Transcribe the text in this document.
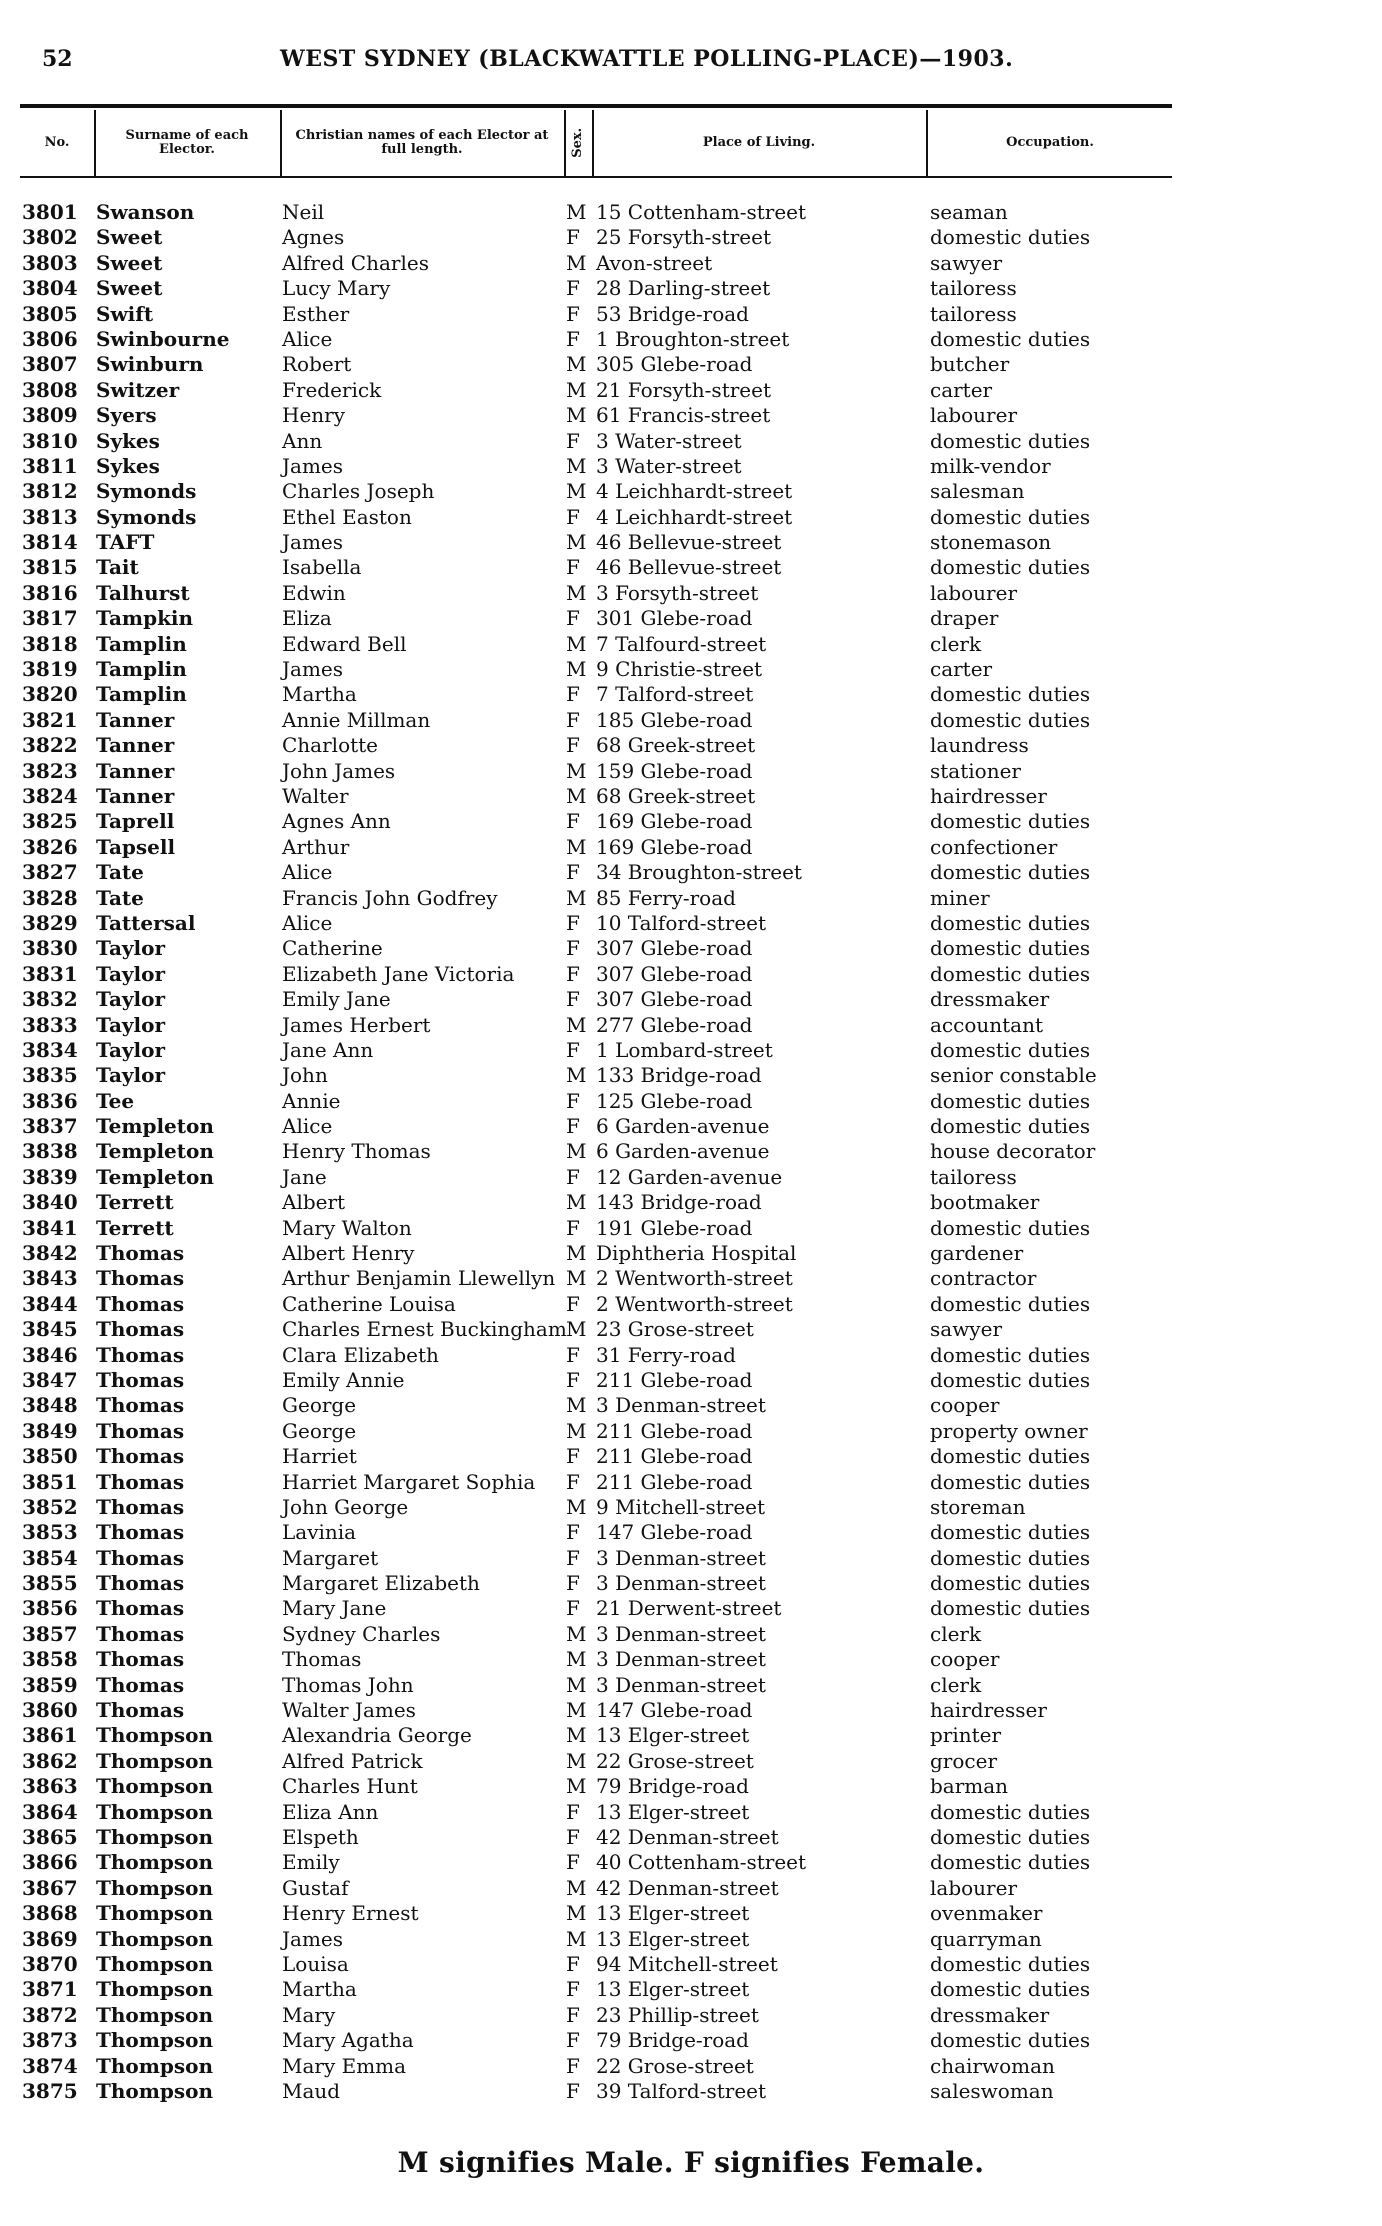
52	WEST SYDNEY (BLACKWATTLE POLLING-PLACE)—1903.
No.	Surname of each Elector.
Christian names of each Elector at full length.	Sex.	Place of Living.	Occupation.
3801 Swanson	Neil	M 15 Cottenham-street	seaman
3802 Sweet	Agnes	F 25 Forsyth-street	domestic duties
3803 Sweet	Alfred Charles	M Avon-street	sawyer
3804 Sweet	Lucy Mary	F 28 Darling-street	tailoress
3805 Swift	Esther	F 53 Bridge-road	tailoress
3806 Swinbourne	Alice	F 1 Broughton-street	domestic duties
3807 Swinburn	Robert	M 305 Glebe-road	butcher
3808 Switzer	Frederick	M 21 Forsyth-street	carter
3809 Syers	Henry	M 61 Francis-street	labourer
3810 Sykes	Ann	F 3 Water-street	domestic duties
3811 Sykes	James	M 3 Water-street	milk-vendor
3812 Symonds	Charles Joseph	M 4 Leichhardt-street	salesman
3813 Symonds	Ethel Easton	F 4 Leichhardt-street	domestic duties
3814 TAFT	James	M 46 Bellevue-street	stonemason
3815 Tait	Isabella	F 46 Bellevue-street	domestic duties
3816 Talhurst	Edwin	M 3 Forsyth-street	labourer
3817 Tampkin	Eliza	F 301 Glebe-road	draper
3818 Tamplin	Edward Bell	M 7 Talfourd-street	clerk
3819 Tamplin	James	M 9 Christie-street	carter
3820 Tamplin	Martha	F 7 Talford-street	domestic duties
3821 Tanner	Annie Millman	F 185 Glebe-road	domestic duties
3822 Tanner	Charlotte	F 68 Greek-street	laundress
3823 Tanner	John James	M 159 Glebe-road	stationer
3824 Tanner	Walter	M 68 Greek-street	hairdresser
3825 Taprell	Agnes Ann	F 169 Glebe-road	domestic duties
3826 Tapsell	Arthur	M 169 Glebe-road	confectioner
3827 Tate	Alice	F 34 Broughton-street	domestic duties
3828 Tate	Francis John Godfrey	M 85 Ferry-road	miner
3829 Tattersal	Alice	F 10 Talford-street	domestic duties
3830 Taylor	Catherine	F 307 Glebe-road	domestic duties
3831 Taylor	Elizabeth Jane Victoria	F 307 Glebe-road	domestic duties
3832 Taylor	Emily Jane	F 307 Glebe-road	dressmaker
3833 Taylor	James Herbert	M 277 Glebe-road	accountant
3834 Taylor	Jane Ann	F 1 Lombard-street	domestic duties
3835 Taylor	John	M 133 Bridge-road	senior constable
3836 Tee	Annie	F 125 Glebe-road	domestic duties
3837 Templeton	Alice	F 6 Garden-avenue	domestic duties
3838 Templeton	Henry Thomas	M 6 Garden-avenue	house decorator
3839 Templeton	Jane	F 12 Garden-avenue	tailoress
3840 Terrett	Albert	M 143 Bridge-road	bootmaker
3841 Terrett	Mary Walton	F 191 Glebe-road	domestic duties
3842 Thomas	Albert Henry	M Diphtheria Hospital	gardener
3843 Thomas	Arthur Benjamin Llewellyn M 2 Wentworth-street	contractor
3844 Thomas	Catherine Louisa	F 2 Wentworth-street	domestic duties
3845 Thomas	Charles Ernest Buckingham M 23 Grose-street	sawyer
3846 Thomas	Clara Elizabeth	F 31 Ferry-road	domestic duties
3847 Thomas	Emily Annie	F 211 Glebe-road	domestic duties
3848 Thomas	George	M 3 Denman-street	cooper
3849 Thomas	George	M 211 Glebe-road	property owner
3850 Thomas	Harriet	F 211 Glebe-road	domestic duties
3851 Thomas	Harriet Margaret Sophia F 211 Glebe-road	domestic duties
3852 Thomas	John George	M 9 Mitchell-street	storeman
3853 Thomas	Lavinia	F 147 Glebe-road	domestic duties
3854 Thomas	Margaret	F 3 Denman-street	domestic duties
3855 Thomas	Margaret Elizabeth	F 3 Denman-street	domestic duties
3856 Thomas	Mary Jane	F 21 Derwent-street	domestic duties
3857 Thomas	Sydney Charles	M 3 Denman-street	clerk
3858 Thomas	Thomas	M 3 Denman-street	cooper
3859 Thomas	Thomas John	M 3 Denman-street	clerk
3860 Thomas	Walter James	M 147 Glebe-road	hairdresser
3861 Thompson	Alexandria George	M 13 Elger-street	printer
3862 Thompson	Alfred Patrick	M 22 Grose-street	grocer
3863 Thompson	Charles Hunt	M 79 Bridge-road	barman
3864 Thompson	Eliza Ann	F 13 Elger-street	domestic duties
3865 Thompson	Elspeth	F 42 Denman-street	domestic duties
3866 Thompson	Emily	F 40 Cottenham-street	domestic duties
3867 Thompson	Gustaf	M 42 Denman-street	labourer
3868 Thompson	Henry Ernest	M 13 Elger-street	ovenmaker
3869 Thompson	James	M 13 Elger-street	quarryman
3870 Thompson	Louisa	F 94 Mitchell-street	domestic duties
3871 Thompson	Martha	F 13 Elger-street	domestic duties
3872 Thompson	Mary	F 23 Phillip-street	dressmaker
3873 Thompson	Mary Agatha	F 79 Bridge-road	domestic duties
3874 Thompson	Mary Emma	F 22 Grose-street	chairwoman
3875 Thompson	Maud	F 39 Talford-street	saleswoman
M signifies Male. F signifies Female.
